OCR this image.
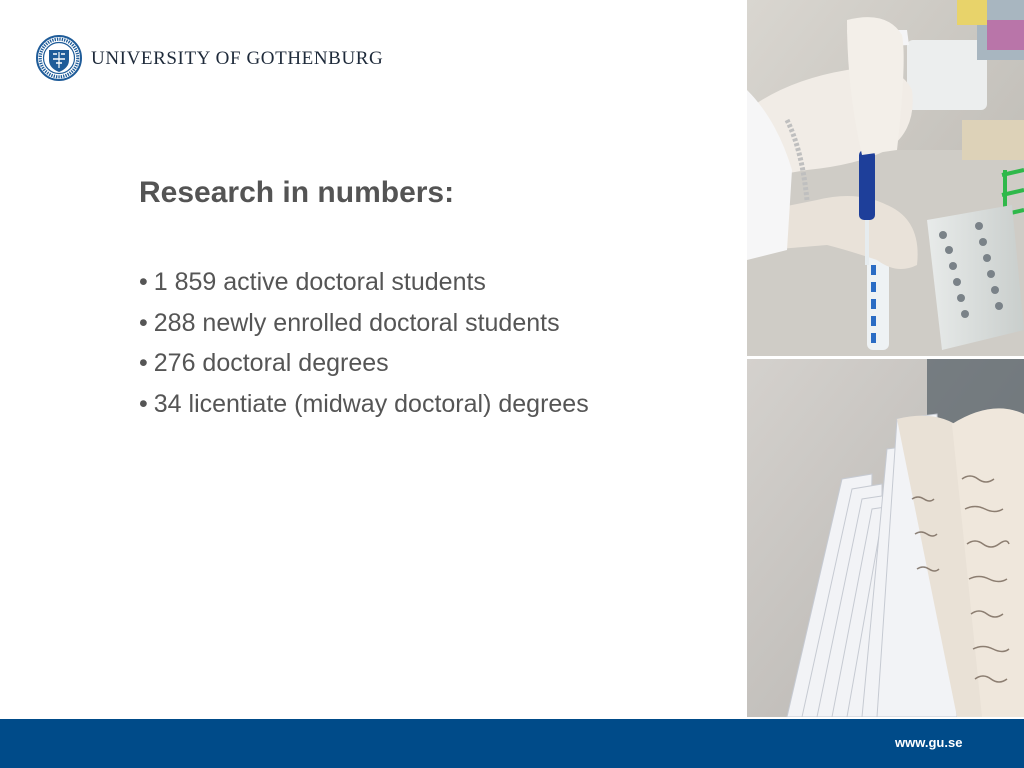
UNIVERSITY OF GOTHENBURG
Research in numbers:
• 1 859 active doctoral students
• 288 newly enrolled doctoral students
• 276 doctoral degrees
• 34 licentiate (midway doctoral) degrees
www.gu.se
